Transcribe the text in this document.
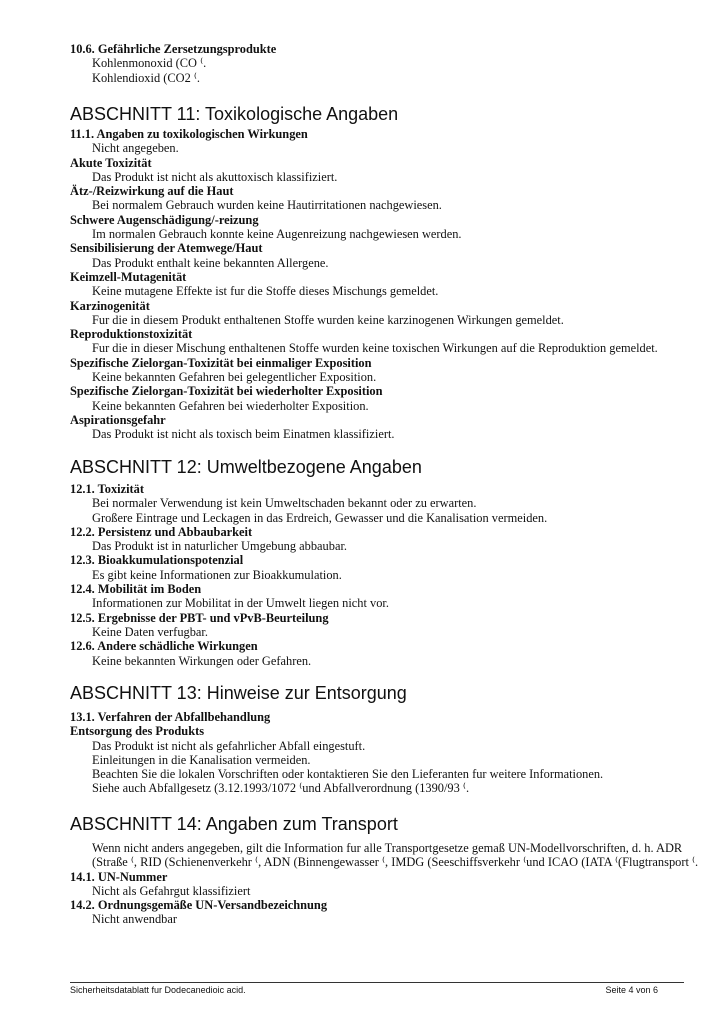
10.6. Gefährliche Zersetzungsprodukte
Kohlenmonoxid (CO ⁽.
Kohlendioxid (CO2 ⁽.
ABSCHNITT 11: Toxikologische Angaben
11.1. Angaben zu toxikologischen Wirkungen
Nicht angegeben.
Akute Toxizität
Das Produkt ist nicht als akuttoxisch klassifiziert.
Ätz-/Reizwirkung auf die Haut
Bei normalem Gebrauch wurden keine Hautirritationen nachgewiesen.
Schwere Augenschädigung/-reizung
Im normalen Gebrauch konnte keine Augenreizung nachgewiesen werden.
Sensibilisierung der Atemwege/Haut
Das Produkt enthalt keine bekannten Allergene.
Keimzell-Mutagenität
Keine mutagene Effekte ist fur die Stoffe dieses Mischungs gemeldet.
Karzinogenität
Fur die in diesem Produkt enthaltenen Stoffe wurden keine karzinogenen Wirkungen gemeldet.
Reproduktionstoxizität
Fur die in dieser Mischung enthaltenen Stoffe wurden keine toxischen Wirkungen auf die Reproduktion gemeldet.
Spezifische Zielorgan-Toxizität bei einmaliger Exposition
Keine bekannten Gefahren bei gelegentlicher Exposition.
Spezifische Zielorgan-Toxizität bei wiederholter Exposition
Keine bekannten Gefahren bei wiederholter Exposition.
Aspirationsgefahr
Das Produkt ist nicht als toxisch beim Einatmen klassifiziert.
ABSCHNITT 12: Umweltbezogene Angaben
12.1. Toxizität
Bei normaler Verwendung ist kein Umweltschaden bekannt oder zu erwarten.
Großere Eintrage und Leckagen in das Erdreich, Gewasser und die Kanalisation vermeiden.
12.2. Persistenz und Abbaubarkeit
Das Produkt ist in naturlicher Umgebung abbaubar.
12.3. Bioakkumulationspotenzial
Es gibt keine Informationen zur Bioakkumulation.
12.4. Mobilität im Boden
Informationen zur Mobilitat in der Umwelt liegen nicht vor.
12.5. Ergebnisse der PBT- und vPvB-Beurteilung
Keine Daten verfugbar.
12.6. Andere schädliche Wirkungen
Keine bekannten Wirkungen oder Gefahren.
ABSCHNITT 13: Hinweise zur Entsorgung
13.1. Verfahren der Abfallbehandlung
Entsorgung des Produkts
Das Produkt ist nicht als gefahrlicher Abfall eingestuft.
Einleitungen in die Kanalisation vermeiden.
Beachten Sie die lokalen Vorschriften oder kontaktieren Sie den Lieferanten fur weitere Informationen.
Siehe auch Abfallgesetz (3.12.1993/1072 ⁽und Abfallverordnung (1390/93 ⁽.
ABSCHNITT 14: Angaben zum Transport
Wenn nicht anders angegeben, gilt die Information fur alle Transportgesetze gemaß UN-Modellvorschriften, d. h. ADR
(Straße ⁽, RID (Schienenverkehr ⁽, ADN (Binnengewasser ⁽, IMDG (Seeschiffsverkehr ⁽und ICAO (IATA ⁽(Flugtransport ⁽.
14.1. UN-Nummer
Nicht als Gefahrgut klassifiziert
14.2. Ordnungsgemäße UN-Versandbezeichnung
Nicht anwendbar
Sicherheitsdatablatt fur Dodecanedioic acid.	Seite 4 von 6
